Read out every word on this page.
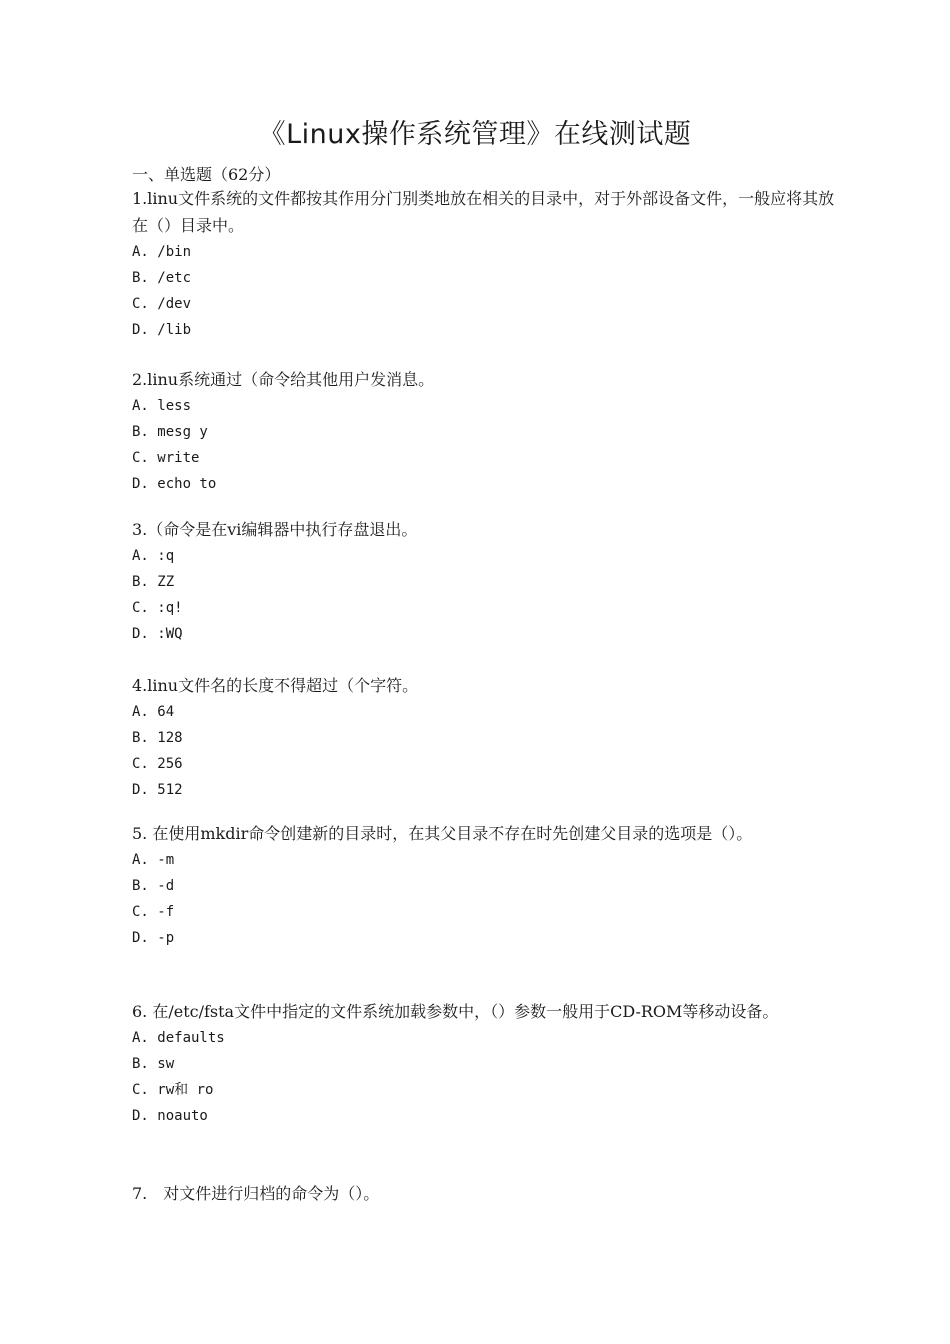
《Linux操作系统管理》在线测试题
一、单选题（62分）

1.linu文件系统的文件都按其作用分门别类地放在相关的目录中，对于外部设备文件，一般应将其放在（）目录中。

A. /bin

B. /etc

C. /dev

D. /lib

2.linu系统通过（命令给其他用户发消息。

A. less

B. mesg y

C. write

D. echo to

3.（命令是在vi编辑器中执行存盘退出。

A. :q

B. ZZ

C. :q!

D. :WQ

4.linu文件名的长度不得超过（个字符。

A. 64

B. 128

C. 256

D. 512

5. 在使用mkdir命令创建新的目录时，在其父目录不存在时先创建父目录的选项是（）。

A. -m

B. -d

C. -f

D. -p

6. 在/etc/fsta文件中指定的文件系统加载参数中，（）参数一般用于CD-ROM等移动设备。

A. defaults

B. sw

C. rw和 ro

D. noauto

7.　对文件进行归档的命令为（）。
